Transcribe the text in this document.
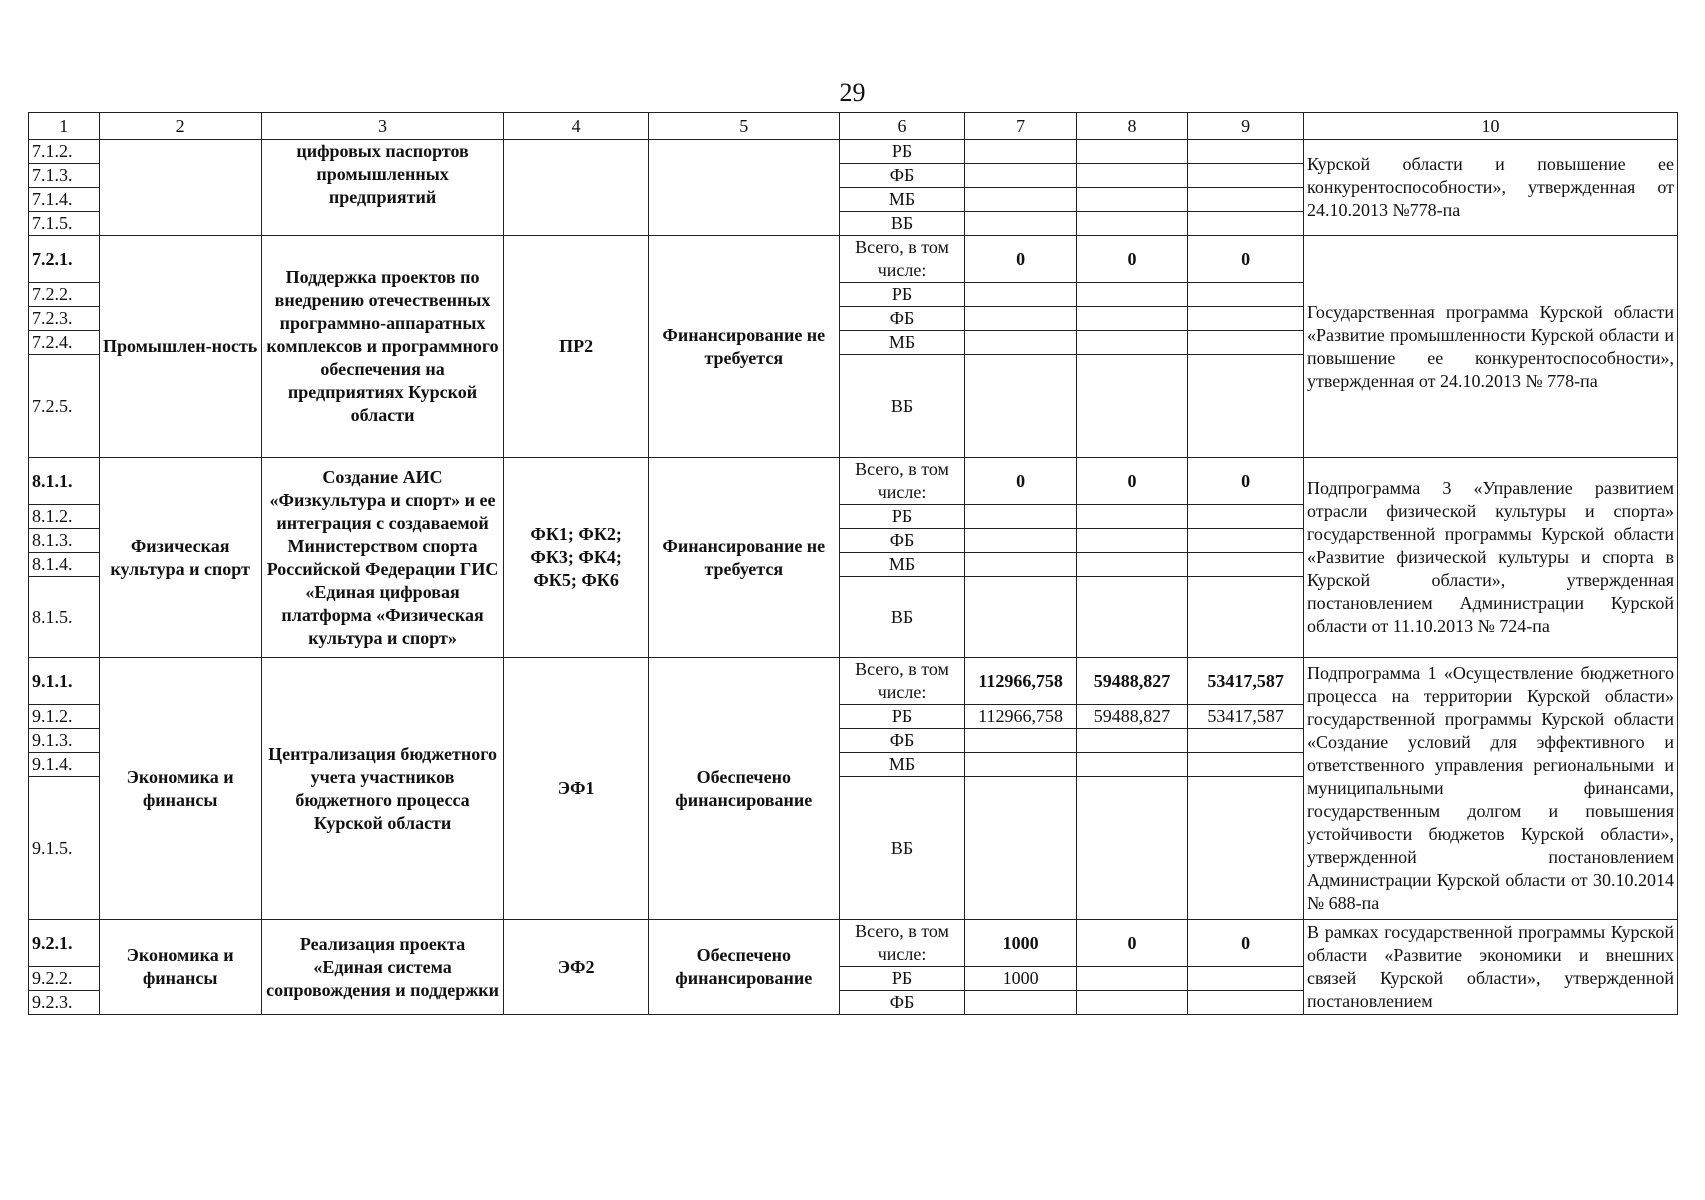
29
1	2	3	4	5	6	7	8	9	10
7.1.2.		цифровых паспортов промышленных предприятий			РБ				Курской области и повышение ее конкурентоспособности», утвержденная от 24.10.2013 №778-па
7.1.3.					ФБ				
7.1.4.					МБ				
7.1.5.					ВБ				
7.2.1.	Промышлен-ность	Поддержка проектов по внедрению отечественных программно-аппаратных комплексов и программного обеспечения на предприятиях Курской области	ПР2	Финансирование не требуется	Всего, в том числе:	0	0	0	Государственная программа Курской области «Развитие промышленности Курской области и повышение ее конкурентоспособности», утвержденная от 24.10.2013 № 778-па
7.2.2.					РБ				
7.2.3.					ФБ				
7.2.4.					МБ				
7.2.5.					ВБ				
8.1.1.	Физическая культура и спорт	Создание АИС «Физкультура и спорт» и ее интеграция с создаваемой Министерством спорта Российской Федерации ГИС «Единая цифровая платформа «Физическая культура и спорт»	ФК1; ФК2; ФК3; ФК4; ФК5; ФК6	Финансирование не требуется	Всего, в том числе:	0	0	0	Подпрограмма 3 «Управление развитием отрасли физической культуры и спорта» государственной программы Курской области «Развитие физической культуры и спорта в Курской области», утвержденная постановлением Администрации Курской области от 11.10.2013 № 724-па
8.1.2.					РБ				
8.1.3.					ФБ				
8.1.4.					МБ				
8.1.5.					ВБ				
9.1.1.	Экономика и финансы	Централизация бюджетного учета участников бюджетного процесса Курской области	ЭФ1	Обеспечено финансирование	Всего, в том числе:	112966,758	59488,827	53417,587	Подпрограмма 1 «Осуществление бюджетного процесса на территории Курской области» государственной программы Курской области «Создание условий для эффективного и ответственного управления региональными и муниципальными финансами, государственным долгом и повышения устойчивости бюджетов Курской области», утвержденной постановлением Администрации Курской области от 30.10.2014 № 688-па
9.1.2.					РБ	112966,758	59488,827	53417,587	
9.1.3.					ФБ				
9.1.4.					МБ				
9.1.5.					ВБ				
9.2.1.	Экономика и финансы	Реализация проекта «Единая система сопровождения и поддержки	ЭФ2	Обеспечено финансирование	Всего, в том числе:	1000	0	0	В рамках государственной программы Курской области «Развитие экономики и внешних связей Курской области», утвержденной постановлением
9.2.2.					РБ	1000			
9.2.3.					ФБ				
